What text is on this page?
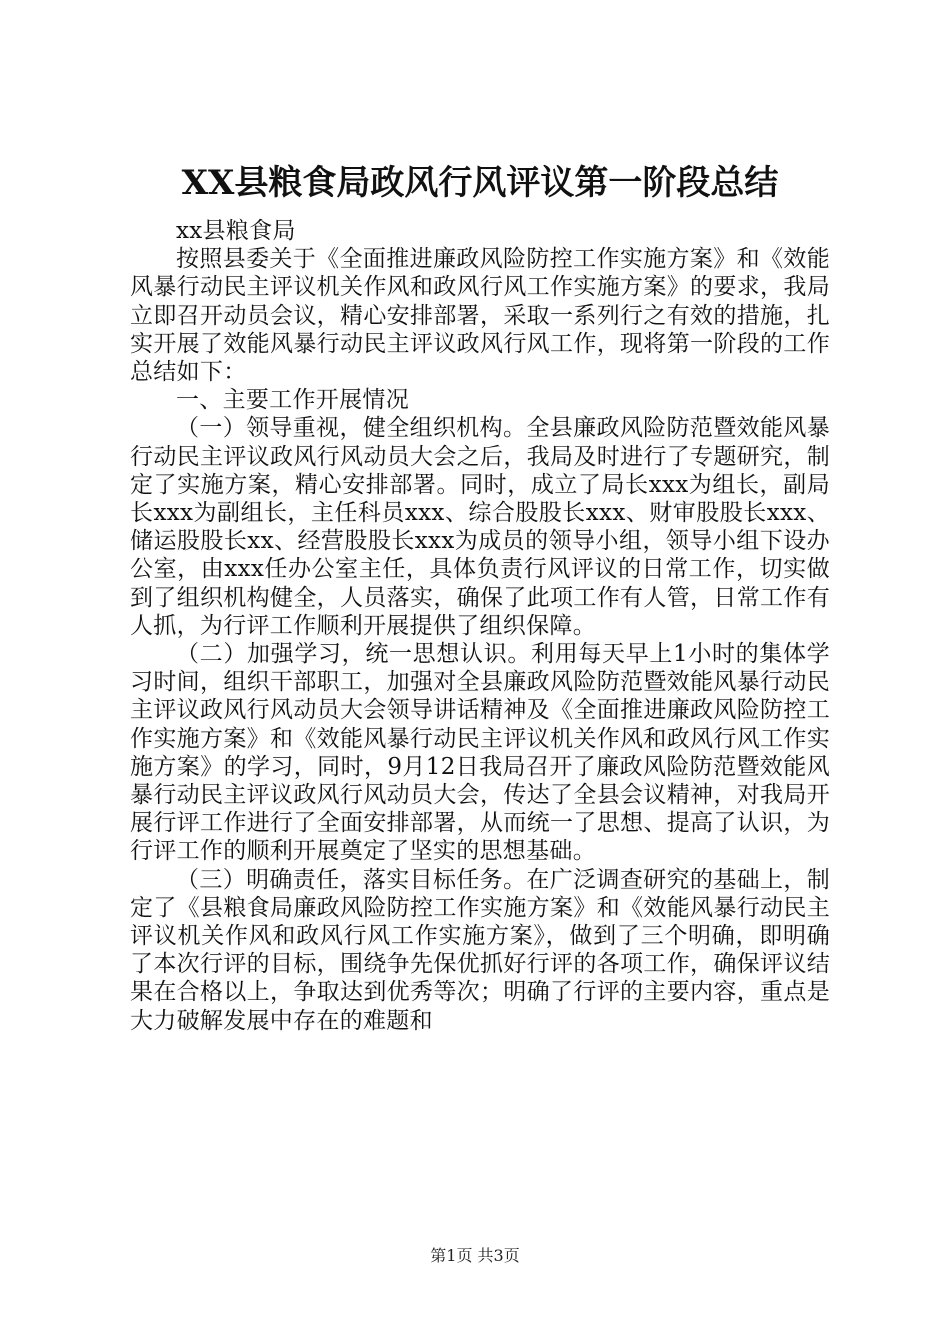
XX县粮食局政风行风评议第一阶段总结

xx县粮食局

按照县委关于《全面推进廉政风险防控工作实施方案》和《效能风暴行动民主评议机关作风和政风行风工作实施方案》的要求，我局立即召开动员会议，精心安排部署，采取一系列行之有效的措施，扎实开展了效能风暴行动民主评议政风行风工作，现将第一阶段的工作总结如下：

一、主要工作开展情况

（一）领导重视，健全组织机构。全县廉政风险防范暨效能风暴行动民主评议政风行风动员大会之后，我局及时进行了专题研究，制定了实施方案，精心安排部署。同时，成立了局长xxx为组长，副局长xxx为副组长，主任科员xxx、综合股股长xxx、财审股股长xxx、储运股股长xx、经营股股长xxx为成员的领导小组，领导小组下设办公室，由xxx任办公室主任，具体负责行风评议的日常工作，切实做到了组织机构健全，人员落实，确保了此项工作有人管，日常工作有人抓，为行评工作顺利开展提供了组织保障。

（二）加强学习，统一思想认识。利用每天早上1小时的集体学习时间，组织干部职工，加强对全县廉政风险防范暨效能风暴行动民主评议政风行风动员大会领导讲话精神及《全面推进廉政风险防控工作实施方案》和《效能风暴行动民主评议机关作风和政风行风工作实施方案》的学习，同时，9月12日我局召开了廉政风险防范暨效能风暴行动民主评议政风行风动员大会，传达了全县会议精神，对我局开展行评工作进行了全面安排部署，从而统一了思想、提高了认识，为行评工作的顺利开展奠定了坚实的思想基础。

（三）明确责任，落实目标任务。在广泛调查研究的基础上，制定了《县粮食局廉政风险防控工作实施方案》和《效能风暴行动民主评议机关作风和政风行风工作实施方案》，做到了三个明确，即明确了本次行评的目标，围绕争先保优抓好行评的各项工作，确保评议结果在合格以上，争取达到优秀等次；明确了行评的主要内容，重点是大力破解发展中存在的难题和

第1页 共3页
